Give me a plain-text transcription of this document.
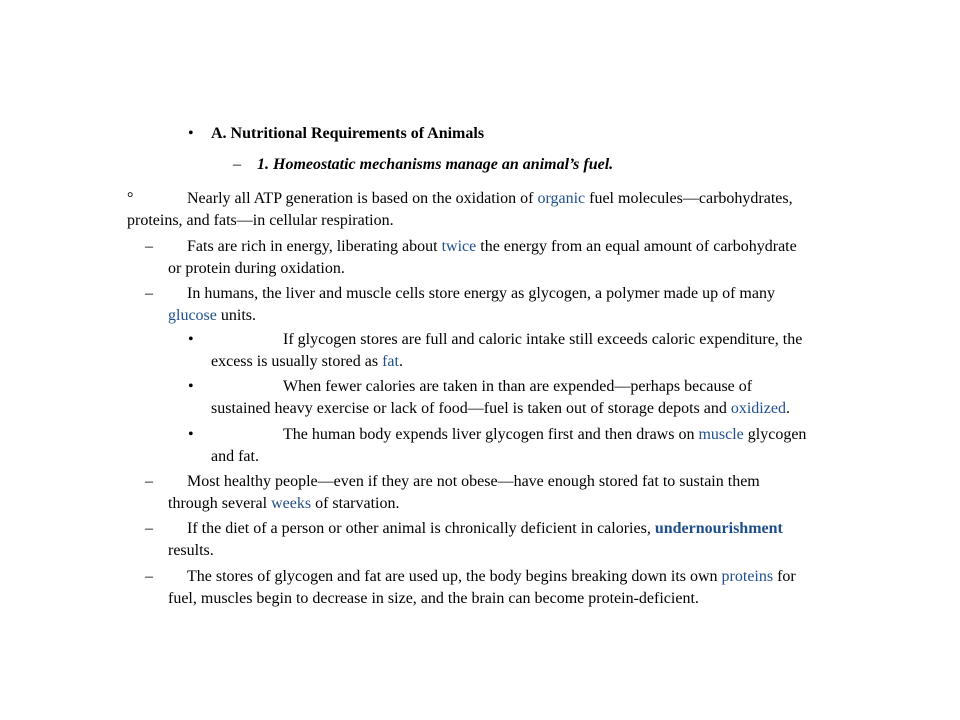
• A. Nutritional Requirements of Animals
– 1. Homeostatic mechanisms manage an animal’s fuel.
°	Nearly all ATP generation is based on the oxidation of organic fuel molecules—carbohydrates,
proteins, and fats—in cellular respiration.
– Fats are rich in energy, liberating about twice the energy from an equal amount of carbohydrate
or protein during oxidation.
– In humans, the liver and muscle cells store energy as glycogen, a polymer made up of many
glucose units.
•	If glycogen stores are full and caloric intake still exceeds caloric expenditure, the
excess is usually stored as fat.
•	When fewer calories are taken in than are expended—perhaps because of
sustained heavy exercise or lack of food—fuel is taken out of storage depots and oxidized.
•	The human body expends liver glycogen first and then draws on muscle glycogen
and fat.
– Most healthy people—even if they are not obese—have enough stored fat to sustain them
through several weeks of starvation.
– If the diet of a person or other animal is chronically deficient in calories, undernourishment
results.
– The stores of glycogen and fat are used up, the body begins breaking down its own proteins for
fuel, muscles begin to decrease in size, and the brain can become protein-deficient.
